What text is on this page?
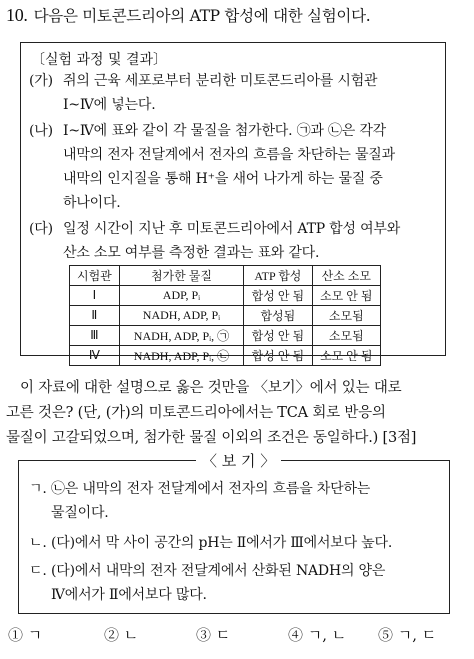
10. 다음은 미토콘드리아의 ATP 합성에 대한 실험이다.
〔실험 과정 및 결과〕
(가) 쥐의 근육 세포로부터 분리한 미토콘드리아를 시험관
Ⅰ~Ⅳ에 넣는다.
(나) Ⅰ~Ⅳ에 표와 같이 각 물질을 첨가한다. ㉠과 ㉡은 각각
내막의 전자 전달계에서 전자의 흐름을 차단하는 물질과
내막의 인지질을 통해 H⁺을 새어 나가게 하는 물질 중
하나이다.
(다) 일정 시간이 지난 후 미토콘드리아에서 ATP 합성 여부와
산소 소모 여부를 측정한 결과는 표와 같다.
시험관	첨가한 물질	ATP 합성	산소 소모
Ⅰ	ADP, Pᵢ	합성 안 됨	소모 안 됨
Ⅱ	NADH, ADP, Pᵢ	합성됨	소모됨
Ⅲ	NADH, ADP, Pᵢ, ㉠	합성 안 됨	소모됨
Ⅳ	NADH, ADP, Pᵢ, ㉡	합성 안 됨	소모 안 됨
이 자료에 대한 설명으로 옳은 것만을 〈보기〉에서 있는 대로
고른 것은? (단, (가)의 미토콘드리아에서는 TCA 회로 반응의
물질이 고갈되었으며, 첨가한 물질 이외의 조건은 동일하다.) [3점]
ㄱ. ㉡은 내막의 전자 전달계에서 전자의 흐름을 차단하는
물질이다.
ㄴ. (다)에서 막 사이 공간의 pH는 Ⅱ에서가 Ⅲ에서보다 높다.
ㄷ. (다)에서 내막의 전자 전달계에서 산화된 NADH의 양은
Ⅳ에서가 Ⅱ에서보다 많다.
〈 보 기 〉
① ㄱ	② ㄴ	③ ㄷ	④ ㄱ, ㄴ ⑤ ㄱ, ㄷ
